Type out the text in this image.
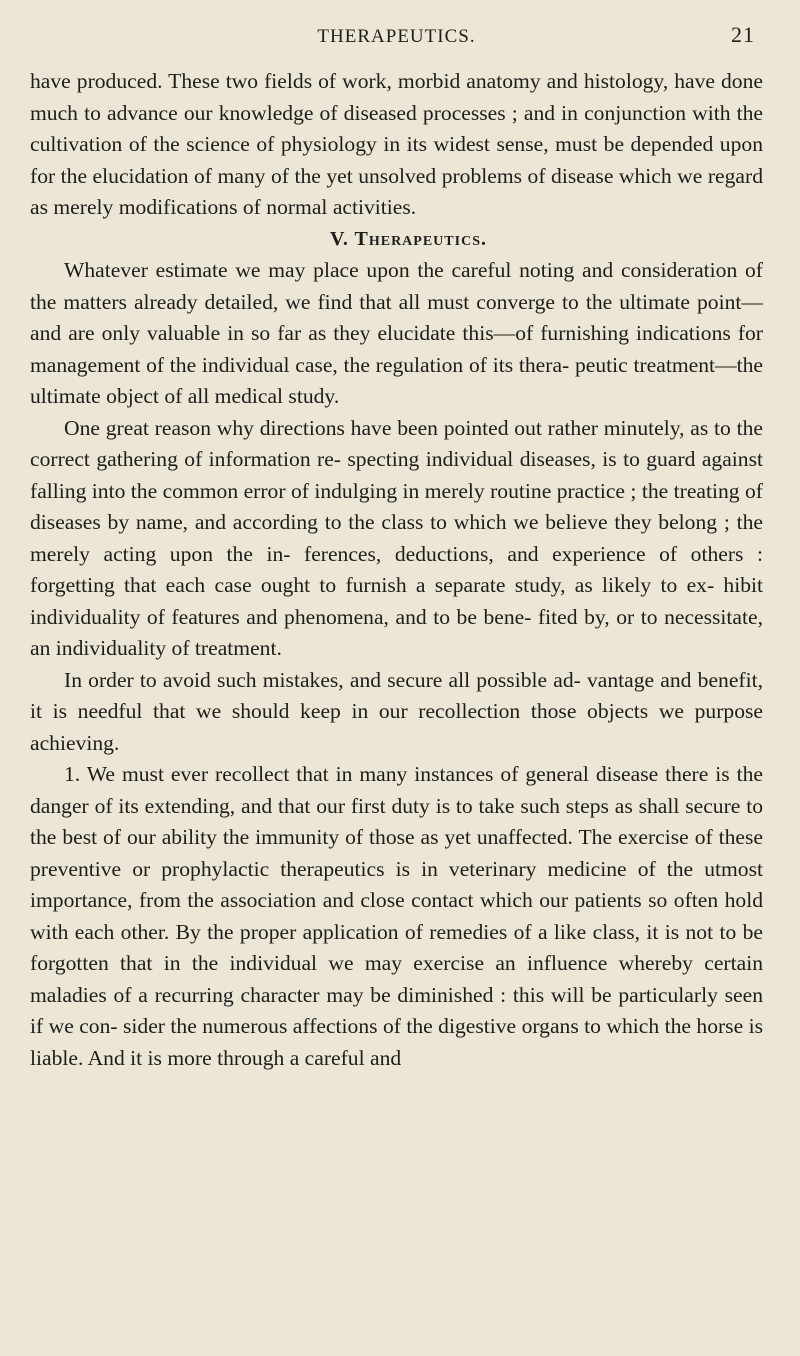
THERAPEUTICS.	21

have produced. These two fields of work, morbid anatomy and histology, have done much to advance our knowledge of diseased processes ; and in conjunction with the cultivation of the science of physiology in its widest sense, must be depended upon for the elucidation of many of the yet unsolved problems of disease which we regard as merely modifications of normal activities.

V. Therapeutics.

Whatever estimate we may place upon the careful noting and consideration of the matters already detailed, we find that all must converge to the ultimate point—and are only valuable in so far as they elucidate this—of furnishing indications for management of the individual case, the regulation of its thera- peutic treatment—the ultimate object of all medical study.

One great reason why directions have been pointed out rather minutely, as to the correct gathering of information re- specting individual diseases, is to guard against falling into the common error of indulging in merely routine practice ; the treating of diseases by name, and according to the class to which we believe they belong ; the merely acting upon the in- ferences, deductions, and experience of others : forgetting that each case ought to furnish a separate study, as likely to ex- hibit individuality of features and phenomena, and to be bene- fited by, or to necessitate, an individuality of treatment.

In order to avoid such mistakes, and secure all possible ad- vantage and benefit, it is needful that we should keep in our recollection those objects we purpose achieving.

1. We must ever recollect that in many instances of general disease there is the danger of its extending, and that our first duty is to take such steps as shall secure to the best of our ability the immunity of those as yet unaffected. The exercise of these preventive or prophylactic therapeutics is in veterinary medicine of the utmost importance, from the association and close contact which our patients so often hold with each other. By the proper application of remedies of a like class, it is not to be forgotten that in the individual we may exercise an influence whereby certain maladies of a recurring character may be diminished : this will be particularly seen if we con- sider the numerous affections of the digestive organs to which the horse is liable. And it is more through a careful and
